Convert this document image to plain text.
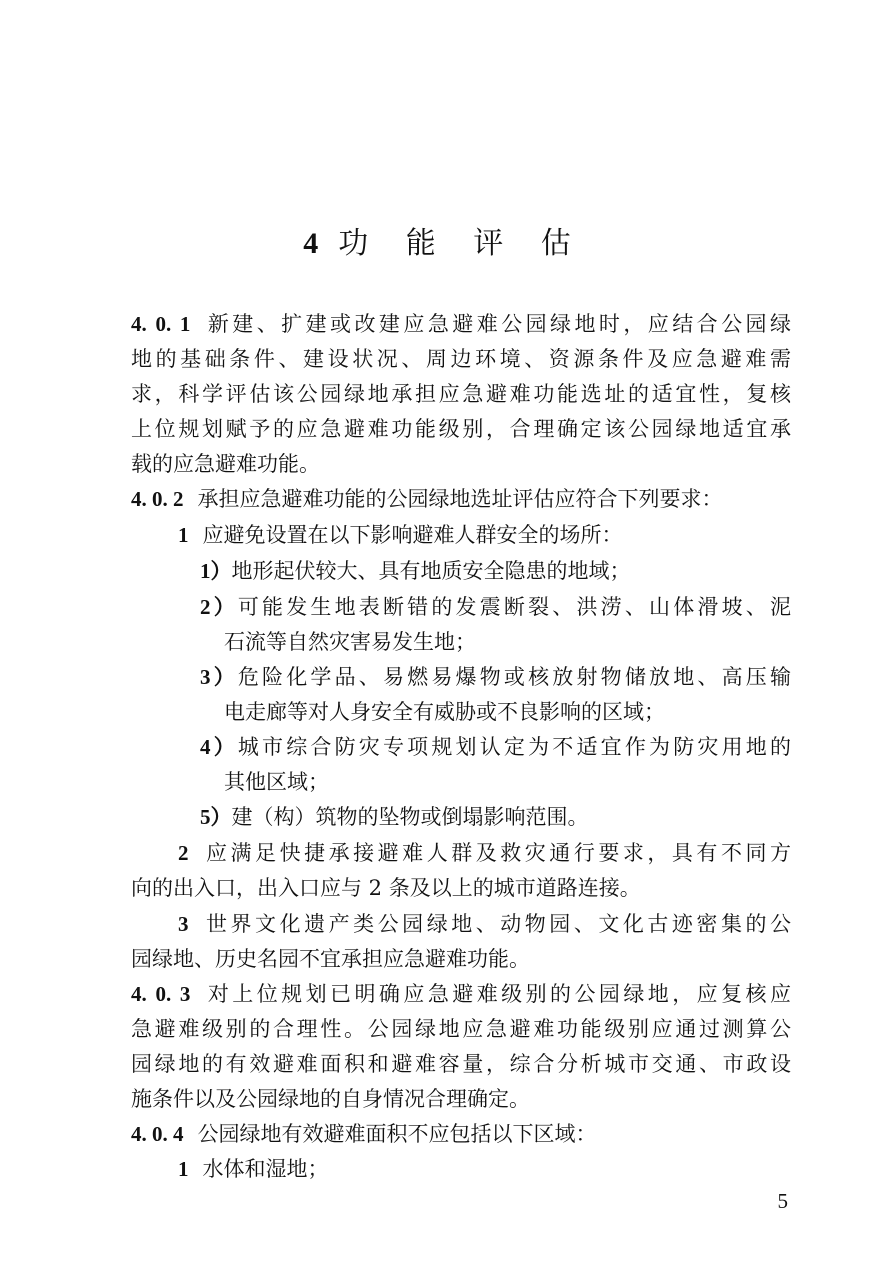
4 功 能 评 估
4. 0. 1 新建、扩建或改建应急避难公园绿地时，应结合公园绿
地的基础条件、建设状况、周边环境、资源条件及应急避难需
求，科学评估该公园绿地承担应急避难功能选址的适宜性，复核
上位规划赋予的应急避难功能级别，合理确定该公园绿地适宜承
载的应急避难功能。
4. 0. 2 承担应急避难功能的公园绿地选址评估应符合下列要求：
1 应避免设置在以下影响避难人群安全的场所：
1）地形起伏较大、具有地质安全隐患的地域；
2）可能发生地表断错的发震断裂、洪涝、山体滑坡、泥
石流等自然灾害易发生地；
3）危险化学品、易燃易爆物或核放射物储放地、高压输
电走廊等对人身安全有威胁或不良影响的区域；
4）城市综合防灾专项规划认定为不适宜作为防灾用地的
其他区域；
5）建（构）筑物的坠物或倒塌影响范围。
2 应满足快捷承接避难人群及救灾通行要求，具有不同方
向的出入口，出入口应与 2 条及以上的城市道路连接。
3 世界文化遗产类公园绿地、动物园、文化古迹密集的公
园绿地、历史名园不宜承担应急避难功能。
4. 0. 3 对上位规划已明确应急避难级别的公园绿地，应复核应
急避难级别的合理性。公园绿地应急避难功能级别应通过测算公
园绿地的有效避难面积和避难容量，综合分析城市交通、市政设
施条件以及公园绿地的自身情况合理确定。
4. 0. 4 公园绿地有效避难面积不应包括以下区域：
1 水体和湿地；
5
